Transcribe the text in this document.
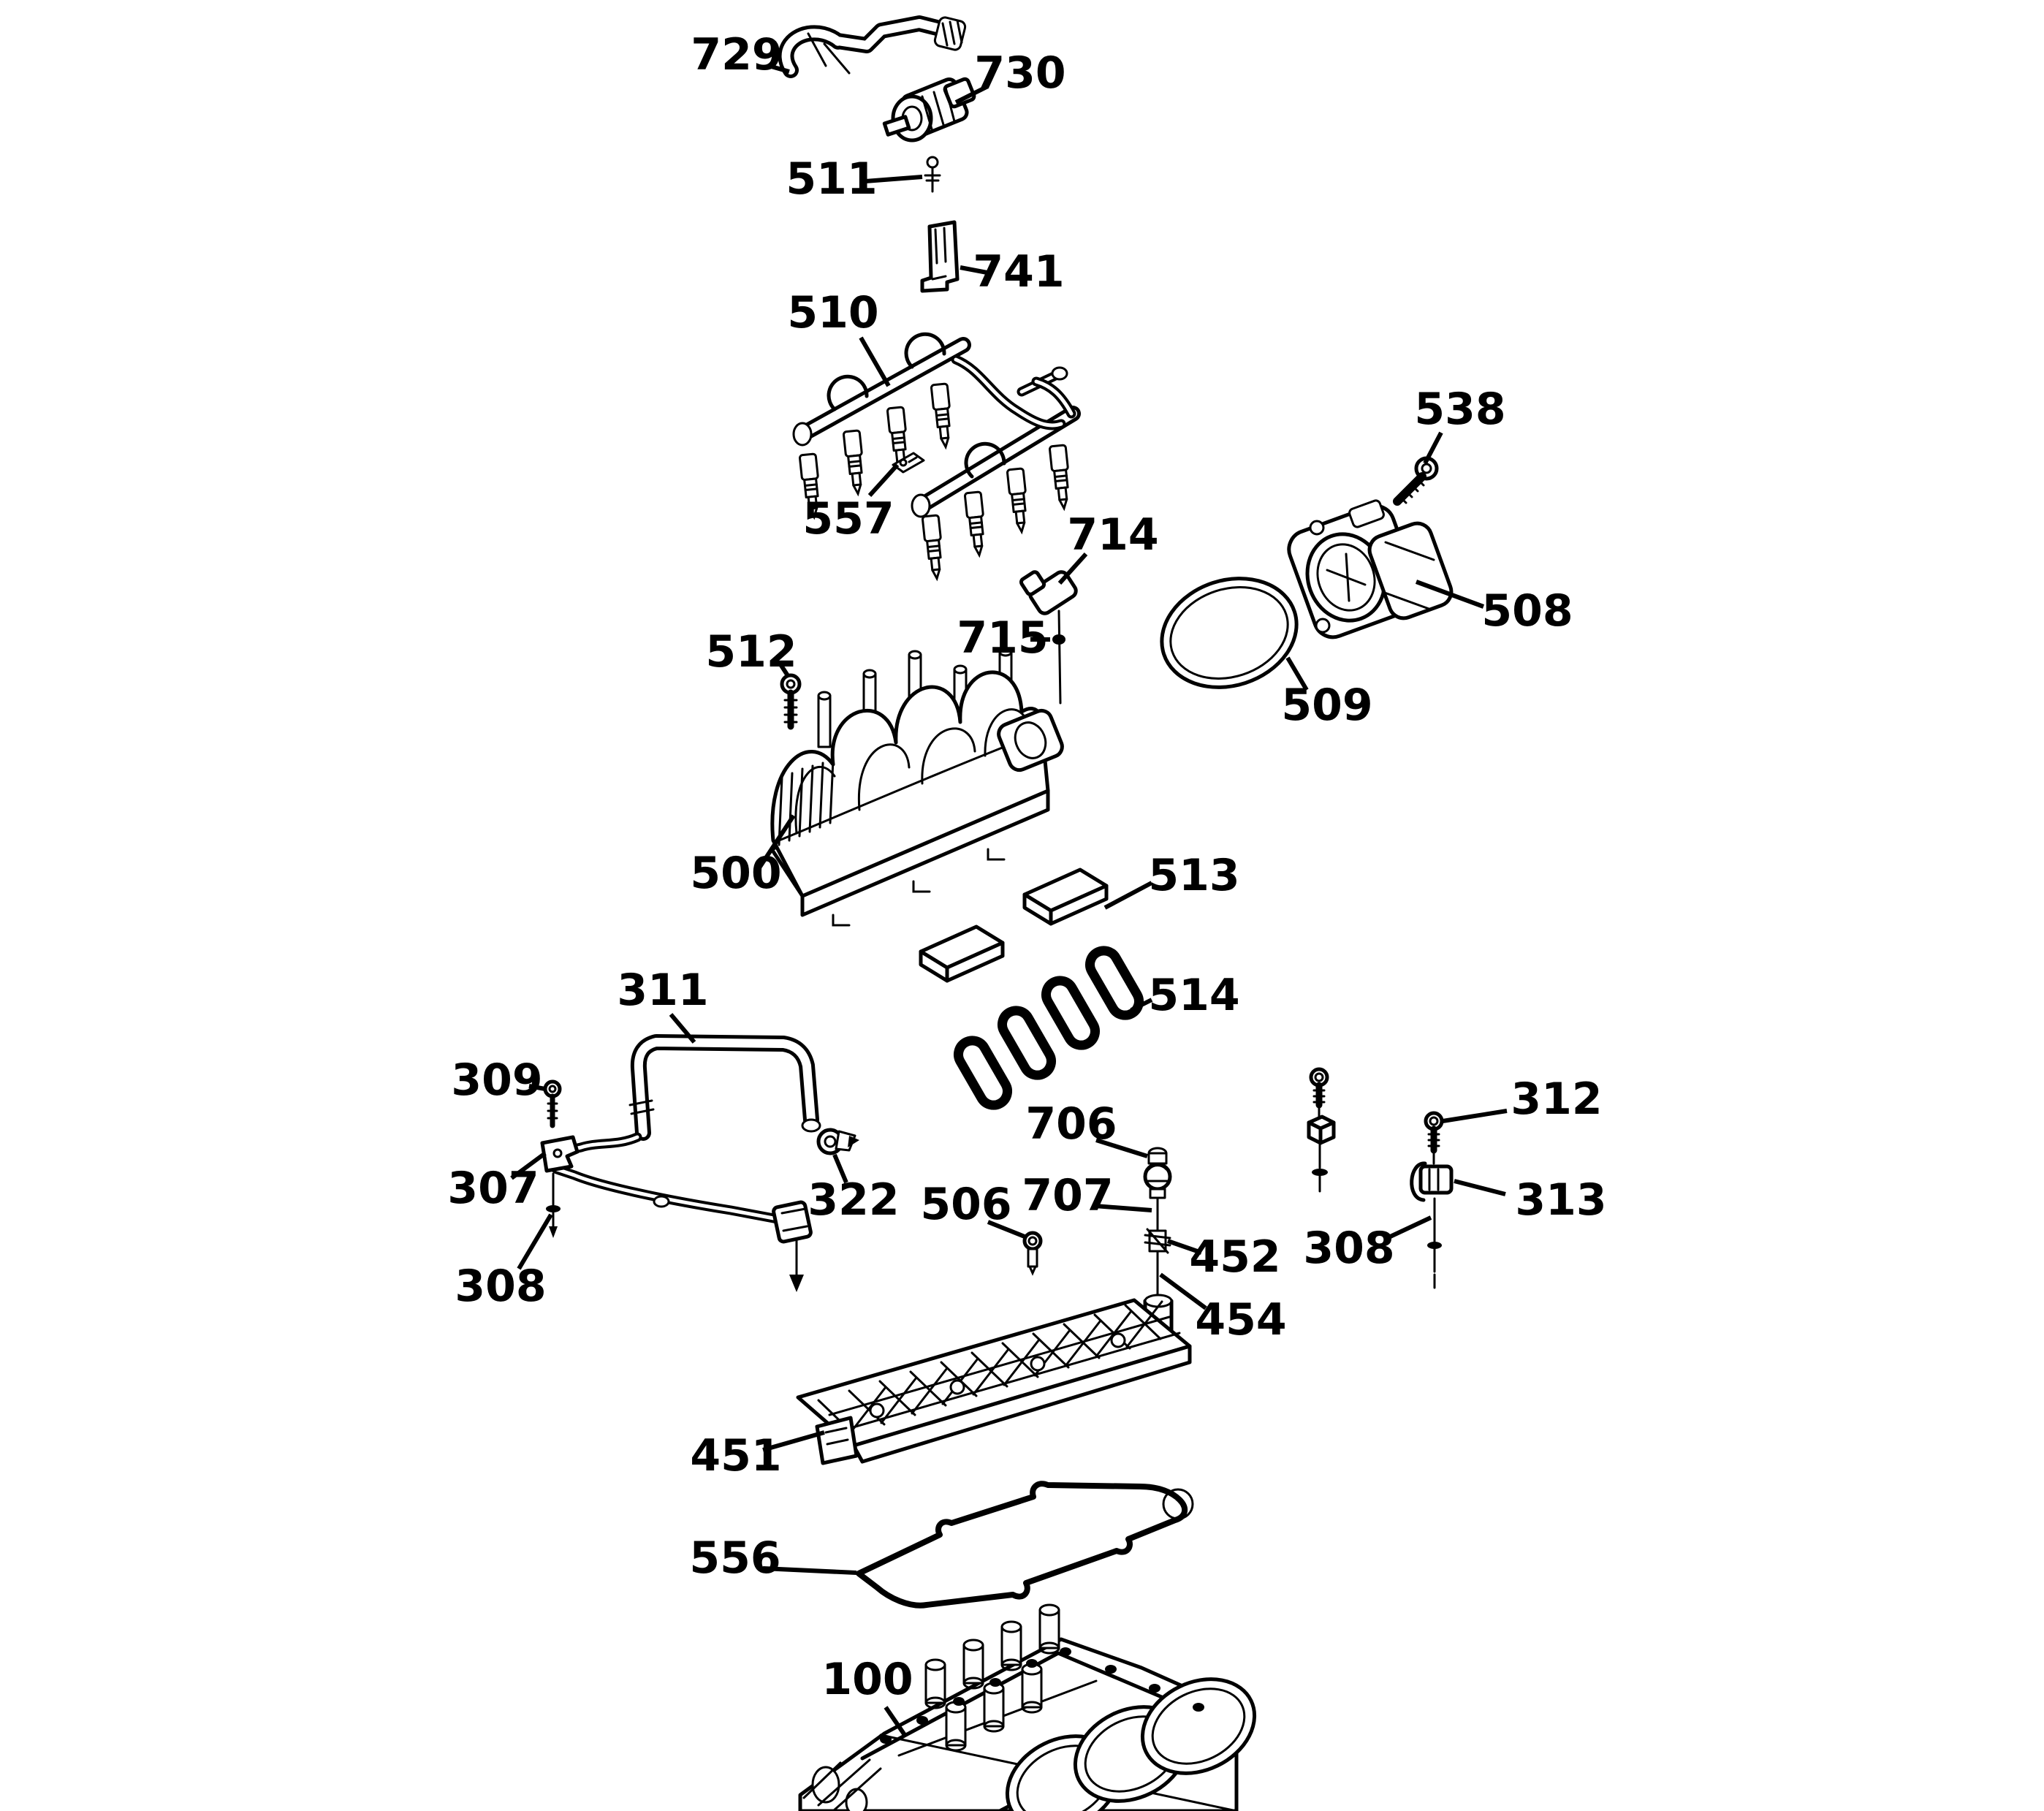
729	730
511
741
510
557
538
714
715
508
509
512
500	513
514
311
309
307
308
322 506
706
707
452
454
312
313
308
451
556
100
